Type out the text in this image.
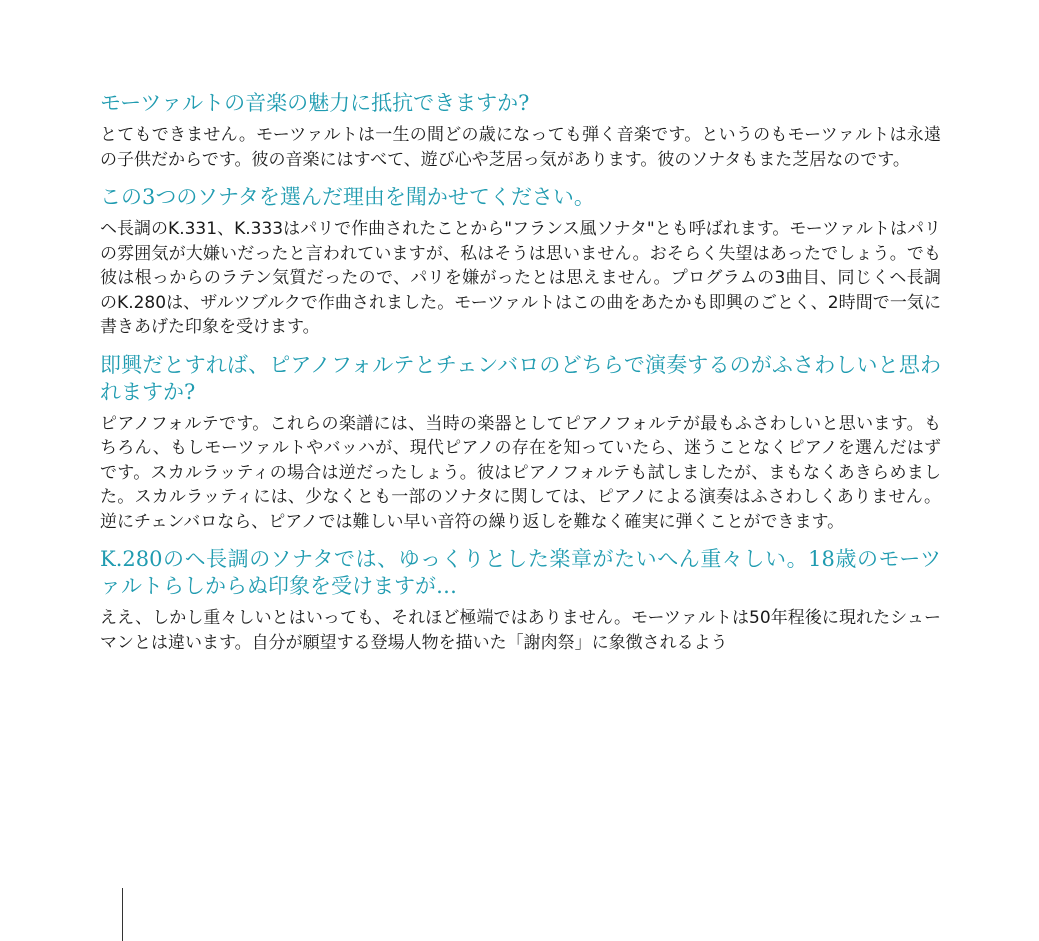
モーツァルトの音楽の魅力に抵抗できますか?

とてもできません。モーツァルトは一生の間どの歳になっても弾く音楽です。というのもモーツァルトは永遠の子供だからです。彼の音楽にはすべて、遊び心や芝居っ気があります。彼のソナタもまた芝居なのです。

この3つのソナタを選んだ理由を聞かせてください。

ヘ長調のK.331、K.333はパリで作曲されたことから"フランス風ソナタ"とも呼ばれます。モーツァルトはパリの雰囲気が大嫌いだったと言われていますが、私はそうは思いません。おそらく失望はあったでしょう。でも彼は根っからのラテン気質だったので、パリを嫌がったとは思えません。プログラムの3曲目、同じくヘ長調のK.280は、ザルツブルクで作曲されました。モーツァルトはこの曲をあたかも即興のごとく、2時間で一気に書きあげた印象を受けます。

即興だとすれば、ピアノフォルテとチェンバロのどちらで演奏するのがふさわしいと思われますか?

ピアノフォルテです。これらの楽譜には、当時の楽器としてピアノフォルテが最もふさわしいと思います。もちろん、もしモーツァルトやバッハが、現代ピアノの存在を知っていたら、迷うことなくピアノを選んだはずです。スカルラッティの場合は逆だったしょう。彼はピアノフォルテも試しましたが、まもなくあきらめました。スカルラッティには、少なくとも一部のソナタに関しては、ピアノによる演奏はふさわしくありません。逆にチェンバロなら、ピアノでは難しい早い音符の繰り返しを難なく確実に弾くことができます。

K.280のヘ長調のソナタでは、ゆっくりとした楽章がたいへん重々しい。18歳のモーツァルトらしからぬ印象を受けますが…

ええ、しかし重々しいとはいっても、それほど極端ではありません。モーツァルトは50年程後に現れたシューマンとは違います。自分が願望する登場人物を描いた「謝肉祭」に象徴されるよう
